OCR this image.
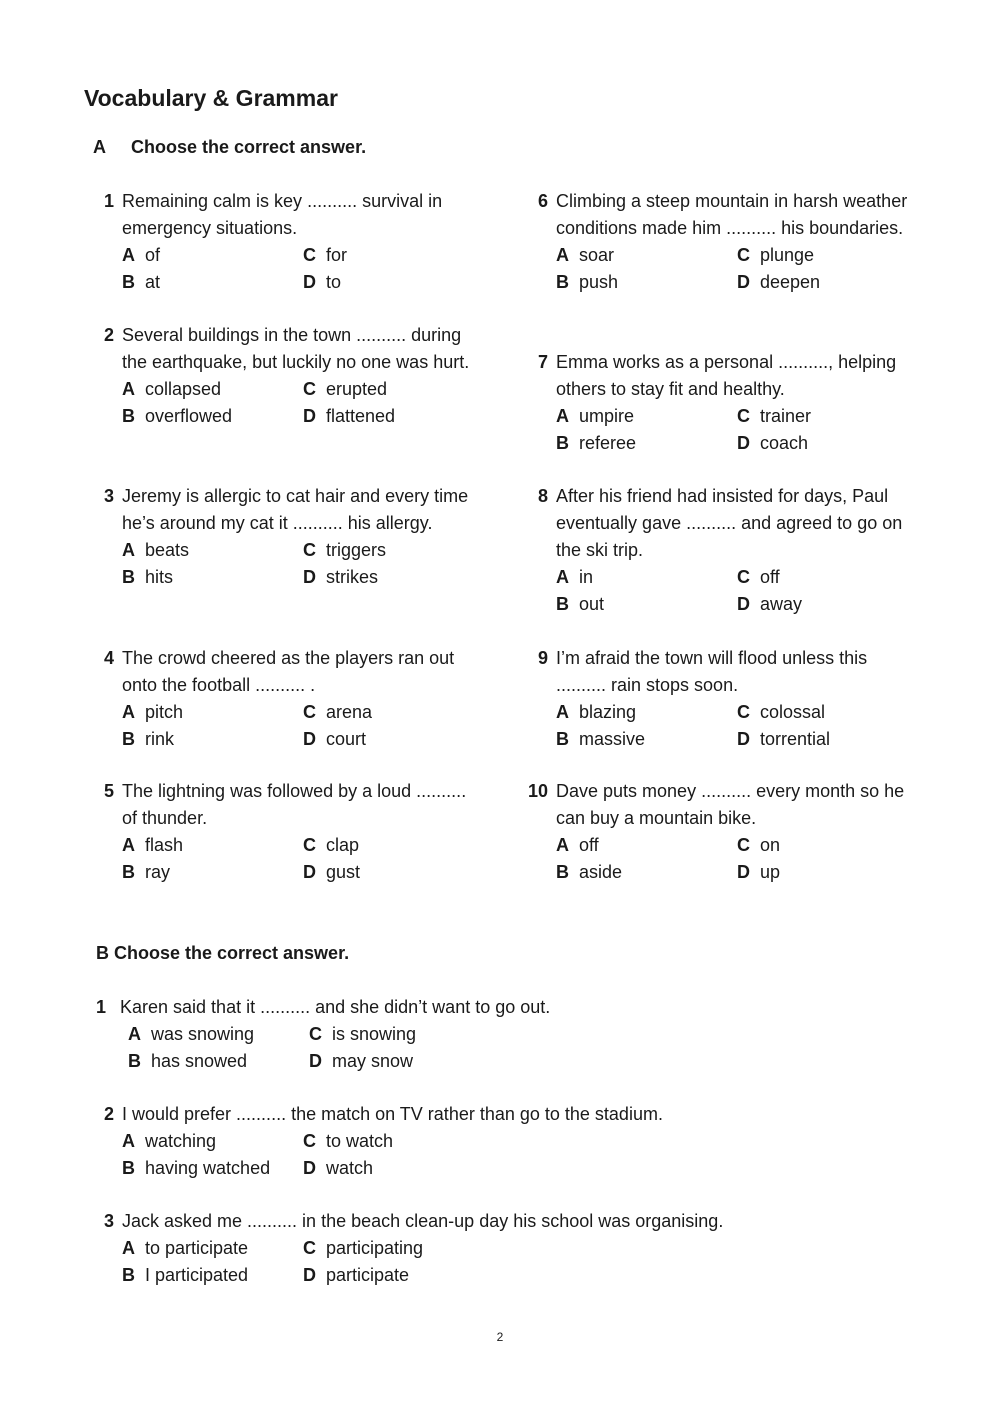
Vocabulary & Grammar
A Choose the correct answer.
1 Remaining calm is key .......... survival in emergency situations.
A of	C for
B at	D to
2 Several buildings in the town .......... during the earthquake, but luckily no one was hurt.
A collapsed	C erupted
B overflowed	D flattened
3 Jeremy is allergic to cat hair and every time he’s around my cat it .......... his allergy.
A beats	C triggers
B hits	D strikes
4 The crowd cheered as the players ran out onto the football .......... .
A pitch	C arena
B rink	D court
5 The lightning was followed by a loud .......... of thunder.
A flash	C clap
B ray	D gust
6 Climbing a steep mountain in harsh weather conditions made him .......... his boundaries.
A soar	C plunge
B push	D deepen
7 Emma works as a personal .........., helping others to stay fit and healthy.
A umpire	C trainer
B referee	D coach
8 After his friend had insisted for days, Paul eventually gave .......... and agreed to go on the ski trip.
A in	C off
B out	D away
9 I’m afraid the town will flood unless this .......... rain stops soon.
A blazing	C colossal
B massive	D torrential
10 Dave puts money .......... every month so he can buy a mountain bike.
A off	C on
B aside	D up
B Choose the correct answer.
1 Karen said that it .......... and she didn’t want to go out.
A was snowing	C is snowing
B has snowed	D may snow
2 I would prefer .......... the match on TV rather than go to the stadium.
A watching	C to watch
B having watched	D watch
3 Jack asked me .......... in the beach clean-up day his school was organising.
A to participate	C participating
B I participated	D participate
2
